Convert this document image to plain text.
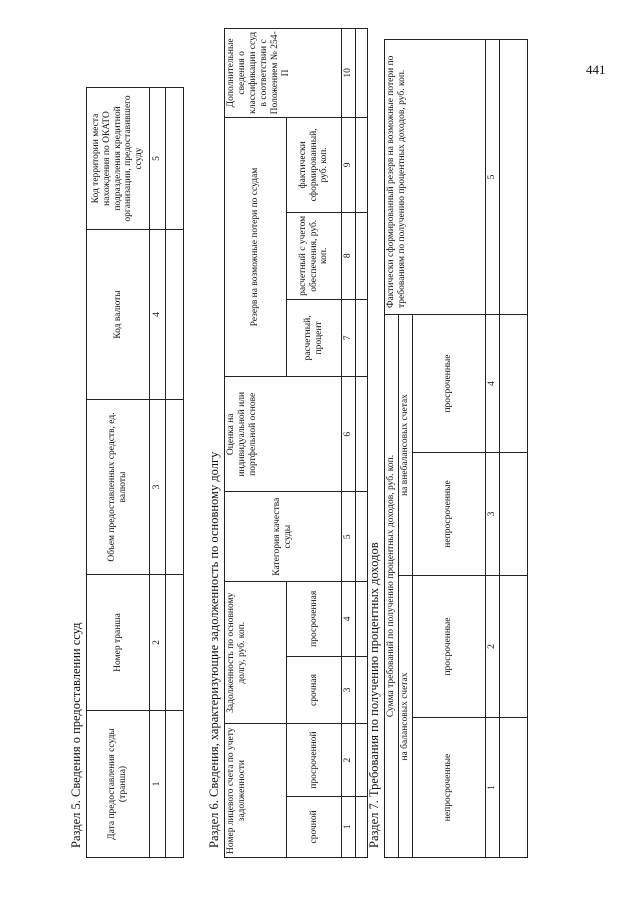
441
Раздел 5. Сведения о предоставлении ссуд	Дата предоставления ссуды (транша)	Номер транша	Объем предоставленных средств, ед. валюты	Код валюты	Код территории места нахождения по ОКАТО подразделения кредитной организации, предоставившего ссуду
1	2	3	4	5

Раздел 6. Сведения, характеризующие задолженность по основному долгу Номер лицевого счета по учету задолженности		Задолженность по основному долгу, руб. коп.		Категория качества ссуды	Оценка на индивидуальной или портфельной основе	Резерв на возможные потери по ссудам			Дополнительные сведения о классификации ссуд в соответствии с Положением № 254-П
срочной	просроченной	срочная	просроченная			расчетный, процент	расчетный с учетом обеспечения, руб. коп.	фактически сформированный, руб. коп.	
1	2	3	4	5	6	7	8	9	10

Раздел 7. Требования по получению процентных доходов Сумма требований по получению процентных доходов, руб. коп.				Фактически сформированный резерв на возможные потери по требованиям по получению процентных доходов, руб. коп.
на балансовых счетах		на внебалансовых счетах		
непросроченные	просроченные	непросроченные	просроченные	
1	2	3	4	5
